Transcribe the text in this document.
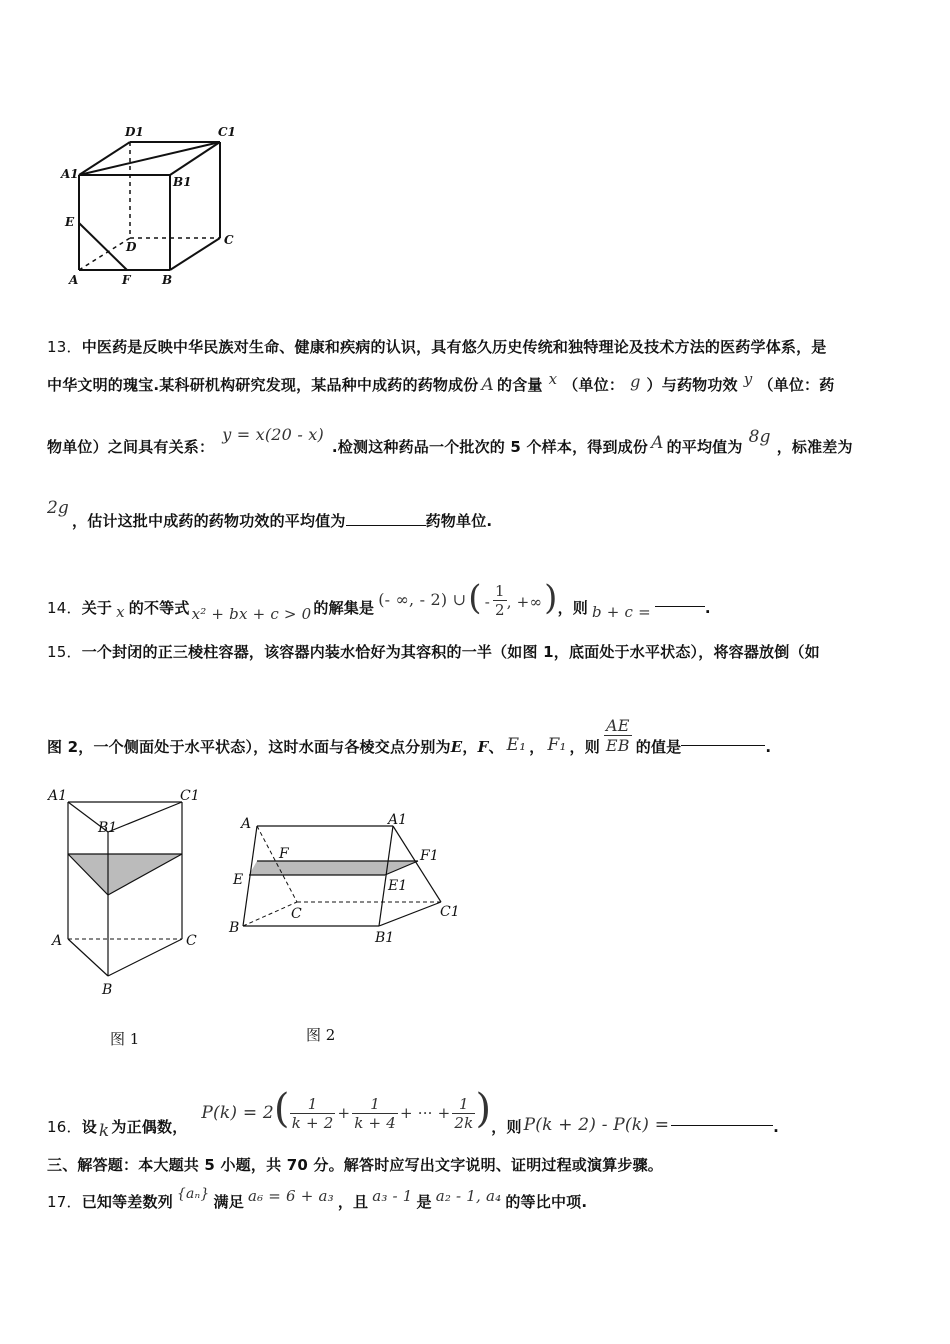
D1	C1
A1
B1
E
D	C
A	F	B
13．中医药是反映中华民族对生命、健康和疾病的认识，具有悠久历史传统和独特理论及技术方法的医药学体系，是
中华文明的瑰宝.某科研机构研究发现，某品种中成药的药物成份 A 的含量 x （单位： g ）与药物功效 y （单位：药
物单位）之间具有关系：y = x(20 - x).检测这种药品一个批次的 5 个样本，得到成份 A 的平均值为 8g ，标准差为
2g
，估计这批中成药的药物功效的平均值为	药物单位.
14．关于 x 的不等式 x² + bx + c > 0 的解集是 (- ∞, - 2) ∪( - $\frac{1}{2}$ , +∞)，则 b + c =	.
15．一个封闭的正三棱柱容器，该容器内装水恰好为其容积的一半（如图 1，底面处于水平状态），将容器放倒（如
图 2，一个侧面处于水平状态），这时水面与各棱交点分别为E，F、 E₁ ， F₁ ，则 $\frac{AE}{EB}$ 的值是	.
A1	C1
B1
A	C
B
A	A1
F	F1
E	E1
C	C1
B
B1
图 1	图 2
16．设 k 为正偶数，$P(k) = 2( \frac{1}{k + 2} + \frac{1}{k + 4}$ + ··· + $\frac{1}{2k}$ )，则 P(k + 2) - P(k) =	.
三、解答题：本大题共 5 小题，共 70 分。解答时应写出文字说明、证明过程或演算步骤。
17．已知等差数列 {aₙ} 满足 a₆ = 6 + a₃ ，且 a₃ - 1 是 a₂ - 1, a₄ 的等比中项.
